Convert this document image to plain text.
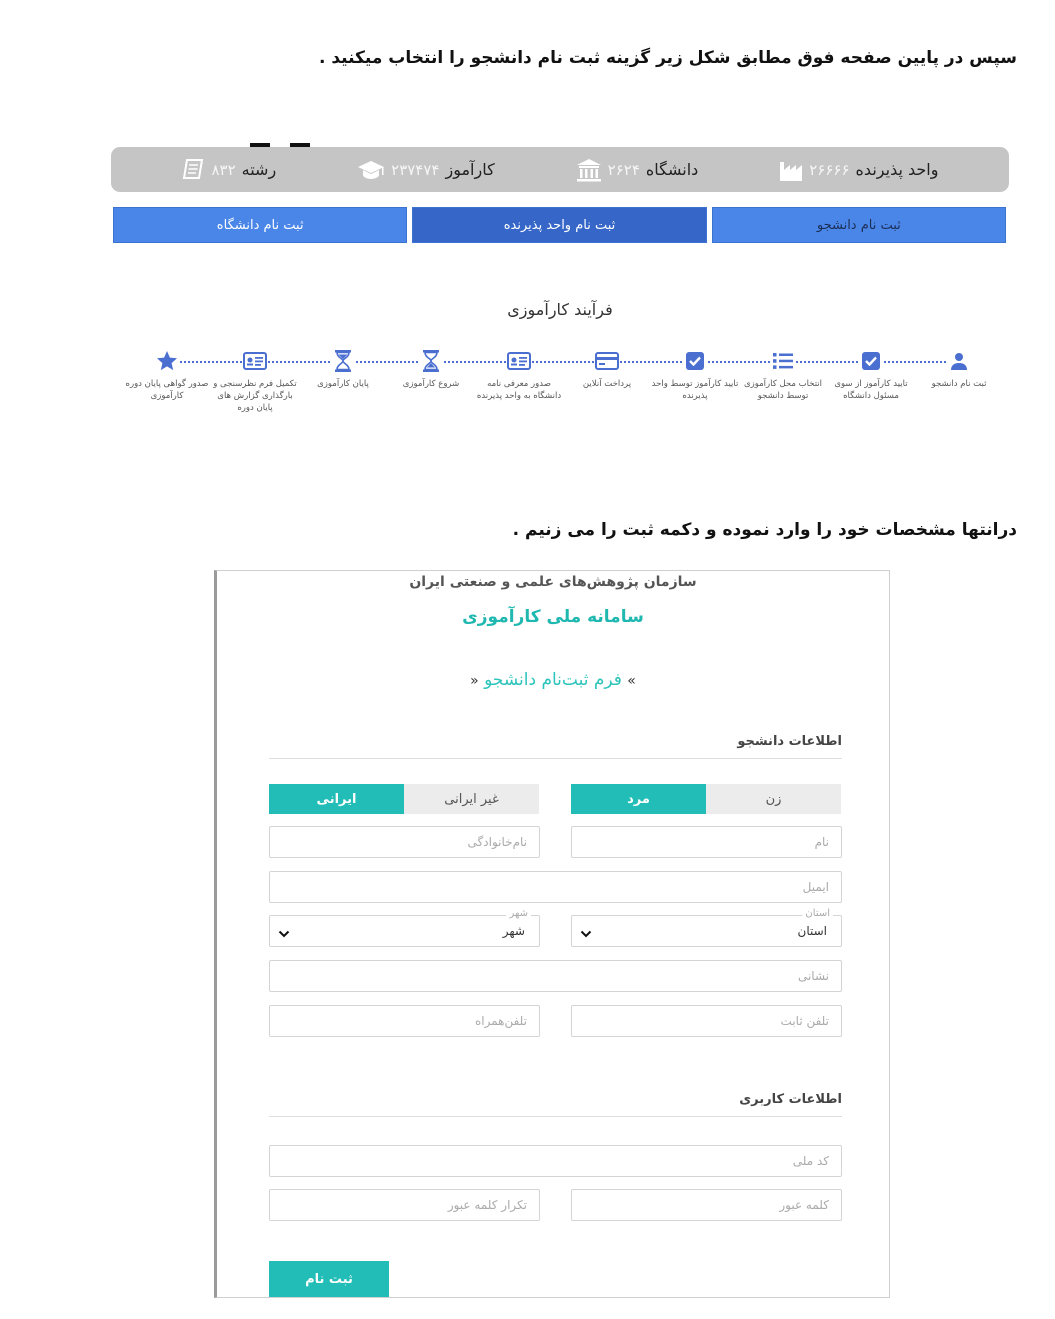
سپس در پایین صفحه فوق مطابق شکل زیر گزینه ثبت نام دانشجو را انتخاب میکنید .
۲۶۶۶۶ واحد پذیرنده
۲۶۲۴ دانشگاه
۲۳۷۴۷۴ کارآموز
۸۳۲ رشته
ثبت نام دانشجو
ثبت نام واحد پذیرنده
ثبت نام دانشگاه
فرآیند کارآموزی
ثبت نام دانشجو
تایید کارآموز از سوی مسئول دانشگاه
انتخاب محل کارآموزی توسط دانشجو
تایید کارآموز توسط واحد پذیرنده
پرداخت آنلاین
صدور معرفی نامه دانشگاه به واحد پذیرنده
شروع کارآموزی
پایان کارآموزی
تکمیل فرم نظرسنجی و بارگذاری گزارش های پایان دوره
صدور گواهی پایان دوره کارآموزی
درانتها مشخصات خود را وارد نموده و دکمه ثبت را می زنیم .
سازمان پژوهش‌های علمی و صنعتی ایران
سامانه ملی کارآموزی
» فرم ثبت‌نام دانشجو «
اطلاعات دانشجو
مرد	زن
ایرانی	غیر ایرانی
نام
نام‌خانوادگی
ایمیل
استان
استان
شهر
شهر
نشانی
تلفن ثابت
تلفن‌همراه
اطلاعات کاربری
کد ملی
کلمه عبور
تکرار کلمه عبور
ثبت نام
